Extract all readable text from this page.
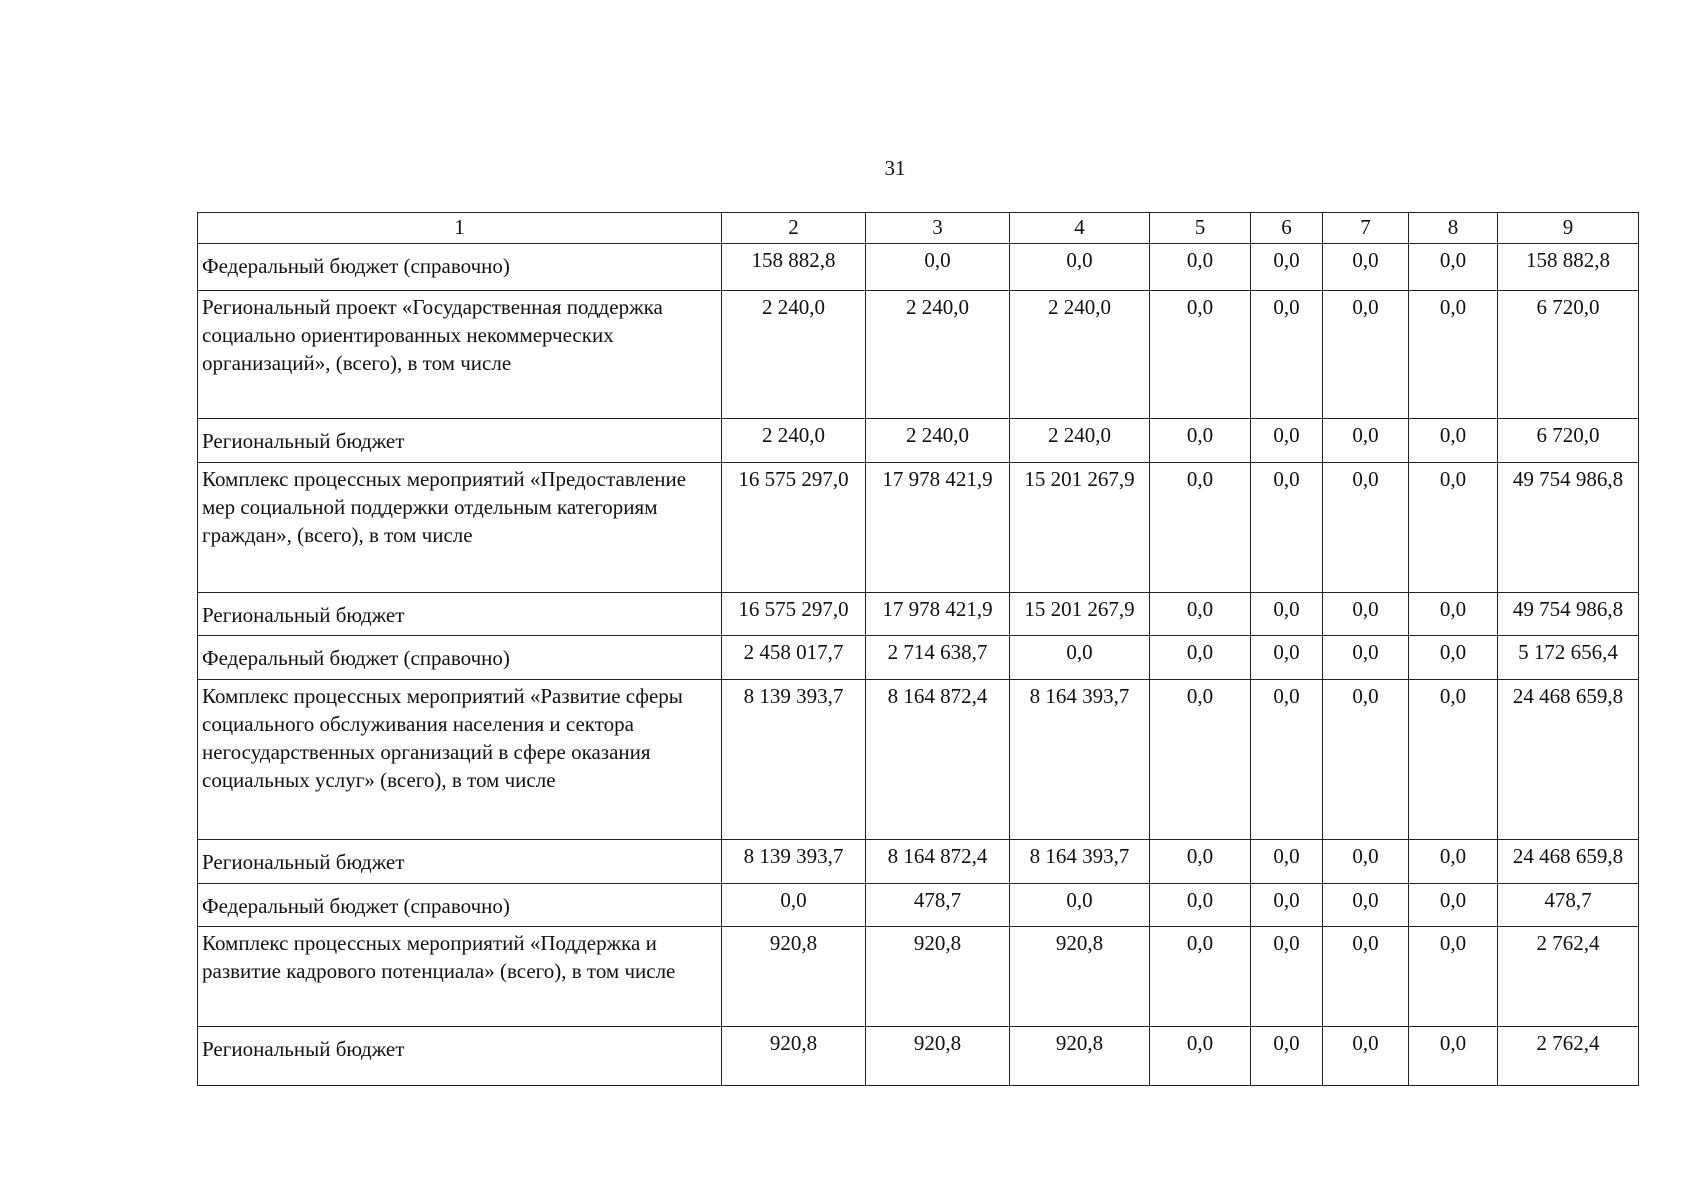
31
1	2	3	4	5	6	7	8	9
Федеральный бюджет (справочно)	158 882,8	0,0	0,0	0,0	0,0	0,0	0,0	158 882,8
Региональный проект «Государственная поддержка социально ориентированных некоммерческих организаций», (всего), в том числе	2 240,0	2 240,0	2 240,0	0,0	0,0	0,0	0,0	6 720,0
Региональный бюджет	2 240,0	2 240,0	2 240,0	0,0	0,0	0,0	0,0	6 720,0
Комплекс процессных мероприятий «Предоставление мер социальной поддержки отдельным категориям граждан», (всего), в том числе	16 575 297,0	17 978 421,9	15 201 267,9	0,0	0,0	0,0	0,0	49 754 986,8
Региональный бюджет	16 575 297,0	17 978 421,9	15 201 267,9	0,0	0,0	0,0	0,0	49 754 986,8
Федеральный бюджет (справочно)	2 458 017,7	2 714 638,7	0,0	0,0	0,0	0,0	0,0	5 172 656,4
Комплекс процессных мероприятий «Развитие сферы социального обслуживания населения и сектора негосударственных организаций в сфере оказания социальных услуг» (всего), в том числе	8 139 393,7	8 164 872,4	8 164 393,7	0,0	0,0	0,0	0,0	24 468 659,8
Региональный бюджет	8 139 393,7	8 164 872,4	8 164 393,7	0,0	0,0	0,0	0,0	24 468 659,8
Федеральный бюджет (справочно)	0,0	478,7	0,0	0,0	0,0	0,0	0,0	478,7
Комплекс процессных мероприятий «Поддержка и развитие кадрового потенциала» (всего), в том числе	920,8	920,8	920,8	0,0	0,0	0,0	0,0	2 762,4
Региональный бюджет	920,8	920,8	920,8	0,0	0,0	0,0	0,0	2 762,4
